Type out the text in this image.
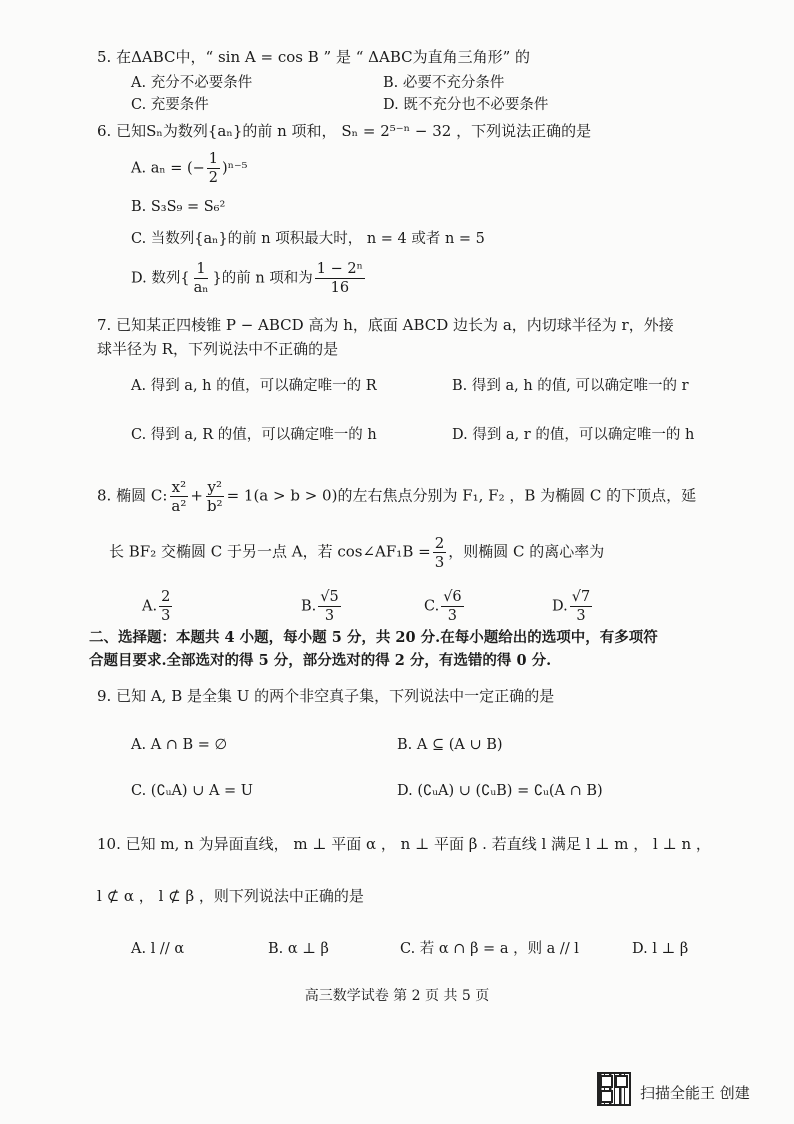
5. 在ΔABC中，“ sin A = cos B ” 是 “ ΔABC为直角三角形” 的
A. 充分不必要条件	B. 必要不充分条件
C. 充要条件	D. 既不充分也不必要条件
6. 已知Sₙ为数列{aₙ}的前 n 项和， Sₙ = 2⁵⁻ⁿ − 32 ，下列说法正确的是
A. aₙ = (− $\frac{1}{2} )^{n-5}$
B. S₃S₉ = S₆²
C. 当数列{aₙ}的前 n 项积最大时， n = 4 或者 n = 5
D. 数列{ $\frac{1}{\text{aₙ}}$ }的前 n 项和为 $\frac{\text{1 − 2ⁿ}}{16}$
7. 已知某正四棱锥 P − ABCD 高为 h，底面 ABCD 边长为 a，内切球半径为 r，外接
球半径为 R，下列说法中不正确的是
A. 得到 a, h 的值，可以确定唯一的 R	B. 得到 a, h 的值, 可以确定唯一的 r
C. 得到 a, R 的值，可以确定唯一的 h	D. 得到 a, r 的值，可以确定唯一的 h
8. 椭圆 C: $\frac{\text{x²}}{\text{a²}} + \frac{\text{y²}}{\text{b²}} = 1(a > b > 0)$的左右焦点分别为 F₁, F₂ ，B 为椭圆 C 的下顶点，延
长 BF₂ 交椭圆 C 于另一点 A，若 cos∠AF₁B = $\frac{2}{3}$ ，则椭圆 C 的离心率为
A. $\frac{2}{3}$	B. $\frac{√5}{3}$	C. $\frac{√6}{3}$	D. $\frac{√7}{3}$
二、选择题：本题共 4 小题，每小题 5 分，共 20 分.在每小题给出的选项中，有多项符
合题目要求.全部选对的得 5 分，部分选对的得 2 分，有选错的得 0 分.
9. 已知 A, B 是全集 U 的两个非空真子集，下列说法中一定正确的是
A. A ∩ B = ∅	B. A ⊆ (A ∪ B)
C. (∁ᵤA) ∪ A = U	D. (∁ᵤA) ∪ (∁ᵤB) = ∁ᵤ(A ∩ B)
10. 已知 m, n 为异面直线， m ⊥ 平面 α ， n ⊥ 平面 β . 若直线 l 满足 l ⊥ m ， l ⊥ n ，
l ⊄ α ， l ⊄ β ，则下列说法中正确的是
A. l // α	B. α ⊥ β	C. 若 α ∩ β = a ，则 a // l	D. l ⊥ β
高三数学试卷 第 2 页 共 5 页
扫描全能王 创建
